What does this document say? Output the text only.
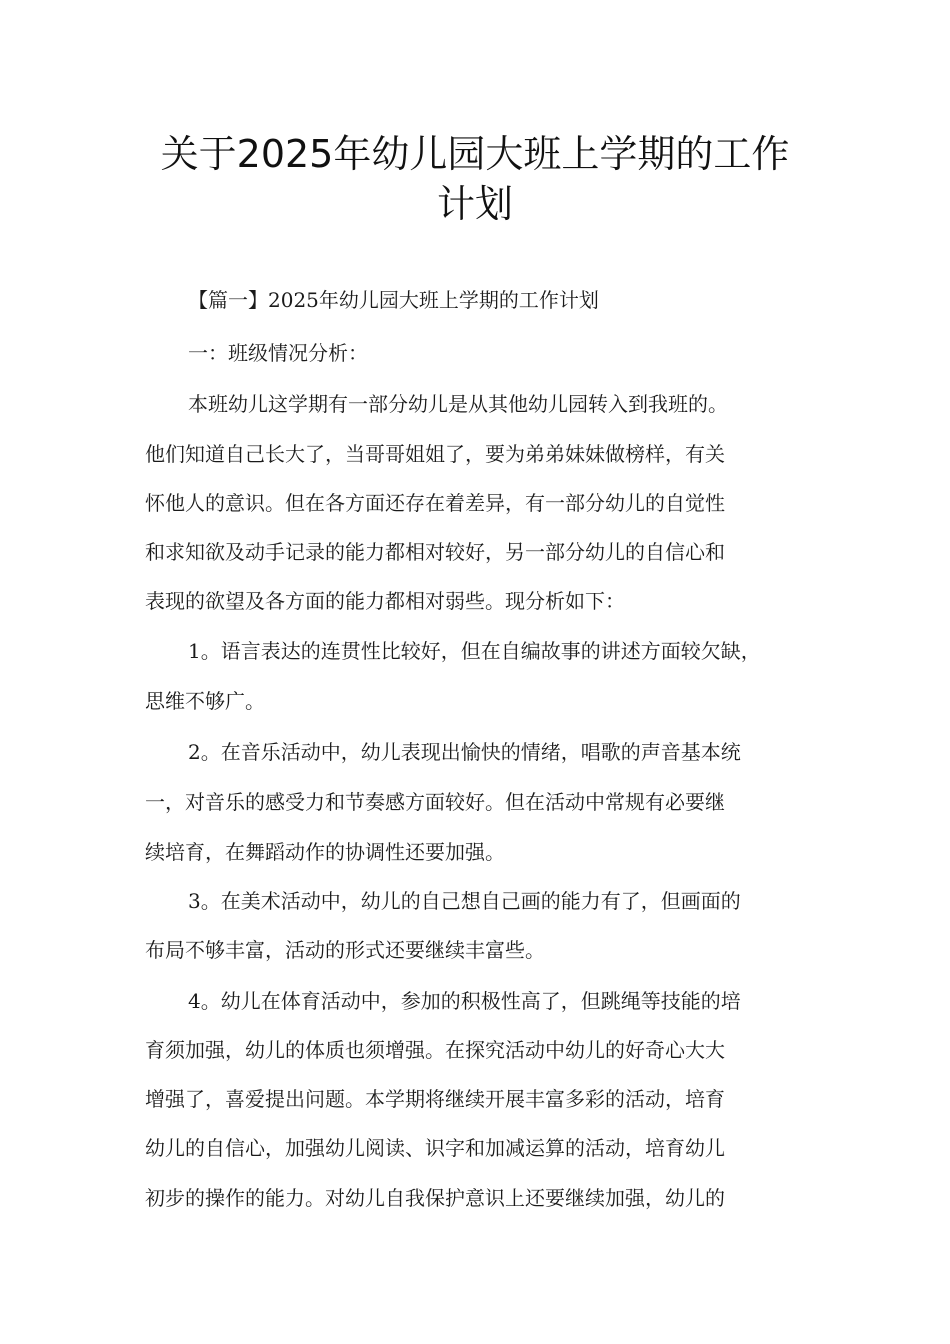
关于2025年幼儿园大班上学期的工作
计划

【篇一】2025年幼儿园大班上学期的工作计划

一：班级情况分析：

本班幼儿这学期有一部分幼儿是从其他幼儿园转入到我班的。

他们知道自己长大了，当哥哥姐姐了，要为弟弟妹妹做榜样，有关

怀他人的意识。但在各方面还存在着差异，有一部分幼儿的自觉性

和求知欲及动手记录的能力都相对较好，另一部分幼儿的自信心和

表现的欲望及各方面的能力都相对弱些。现分析如下：

1。语言表达的连贯性比较好，但在自编故事的讲述方面较欠缺，

思维不够广。

2。在音乐活动中，幼儿表现出愉快的情绪，唱歌的声音基本统

一，对音乐的感受力和节奏感方面较好。但在活动中常规有必要继

续培育，在舞蹈动作的协调性还要加强。

3。在美术活动中，幼儿的自己想自己画的能力有了，但画面的

布局不够丰富，活动的形式还要继续丰富些。

4。幼儿在体育活动中，参加的积极性高了，但跳绳等技能的培

育须加强，幼儿的体质也须增强。在探究活动中幼儿的好奇心大大

增强了，喜爱提出问题。本学期将继续开展丰富多彩的活动，培育

幼儿的自信心，加强幼儿阅读、识字和加减运算的活动，培育幼儿

初步的操作的能力。对幼儿自我保护意识上还要继续加强，幼儿的
